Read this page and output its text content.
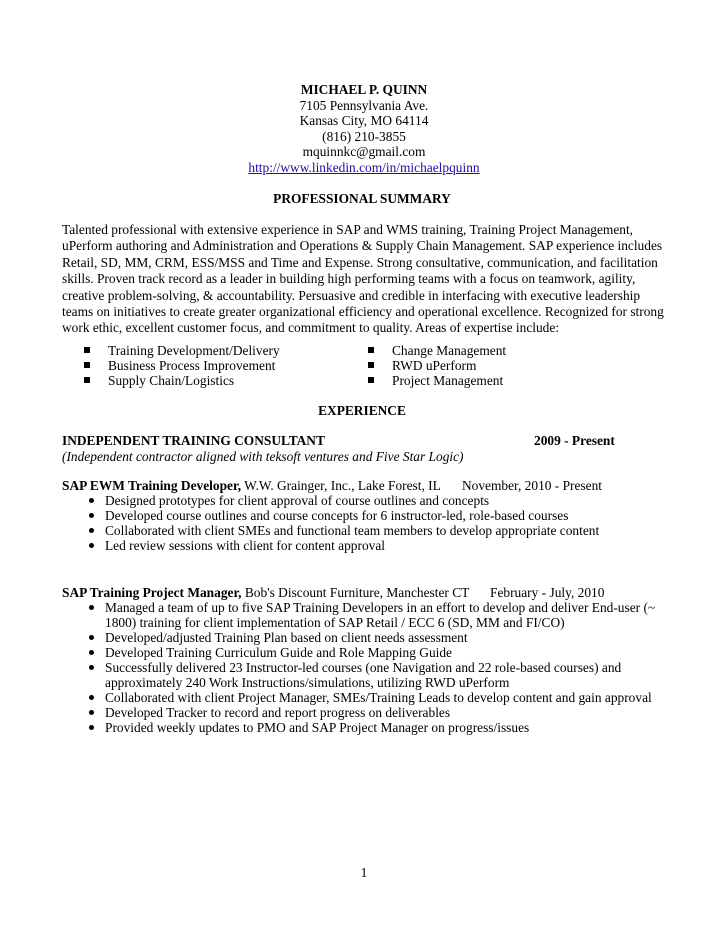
MICHAEL P. QUINN
7105 Pennsylvania Ave.
Kansas City, MO 64114
(816) 210-3855
mquinnkc@gmail.com
http://www.linkedin.com/in/michaelpquinn
PROFESSIONAL SUMMARY
Talented professional with extensive experience in SAP and WMS training, Training Project Management, uPerform authoring and Administration and Operations & Supply Chain Management. SAP experience includes Retail, SD, MM, CRM, ESS/MSS and Time and Expense. Strong consultative, communication, and facilitation skills. Proven track record as a leader in building high performing teams with a focus on teamwork, agility, creative problem-solving, & accountability. Persuasive and credible in interfacing with executive leadership teams on initiatives to create greater organizational efficiency and operational excellence. Recognized for strong work ethic, excellent customer focus, and commitment to quality. Areas of expertise include:
Training Development/Delivery
Business Process Improvement
Supply Chain/Logistics
Change Management
RWD uPerform
Project Management
EXPERIENCE
INDEPENDENT TRAINING CONSULTANT	2009 - Present
(Independent contractor aligned with teksoft ventures and Five Star Logic)
SAP EWM Training Developer, W.W. Grainger, Inc., Lake Forest, IL November, 2010 - Present
Designed prototypes for client approval of course outlines and concepts
Developed course outlines and course concepts for 6 instructor-led, role-based courses
Collaborated with client SMEs and functional team members to develop appropriate content
Led review sessions with client for content approval
SAP Training Project Manager, Bob's Discount Furniture, Manchester CT February - July, 2010
Managed a team of up to five SAP Training Developers in an effort to develop and deliver End-user (~ 1800) training for client implementation of SAP Retail / ECC 6 (SD, MM and FI/CO)
Developed/adjusted Training Plan based on client needs assessment
Developed Training Curriculum Guide and Role Mapping Guide
Successfully delivered 23 Instructor-led courses (one Navigation and 22 role-based courses) and approximately 240 Work Instructions/simulations, utilizing RWD uPerform
Collaborated with client Project Manager, SMEs/Training Leads to develop content and gain approval
Developed Tracker to record and report progress on deliverables
Provided weekly updates to PMO and SAP Project Manager on progress/issues
1
